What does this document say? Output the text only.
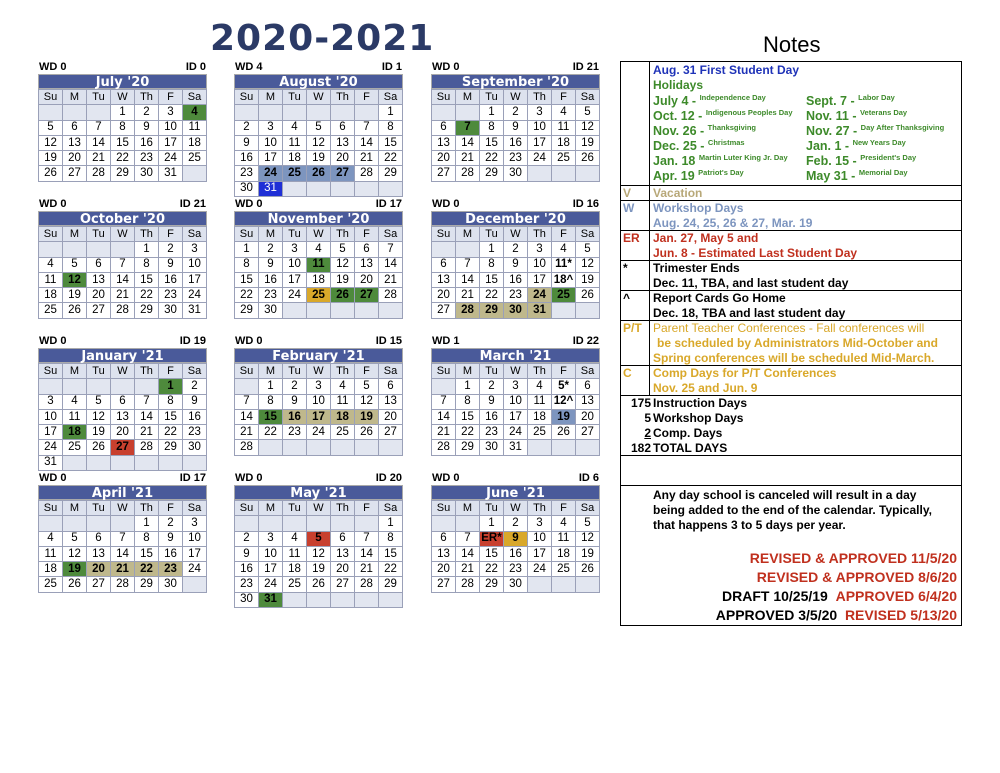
2020-2021	Notes
WD 0	ID 0
July '20
Su	M	Tu	W	Th	F	Sa
			1	2	3	4
5	6	7	8	9	10	11
12	13	14	15	16	17	18
19	20	21	22	23	24	25
26	27	28	29	30	31	
WD 4	ID 1
August '20
Su	M	Tu	W	Th	F	Sa
						1
2	3	4	5	6	7	8
9	10	11	12	13	14	15
16	17	18	19	20	21	22
23	24	25	26	27	28	29
30	31					
WD 0	ID 21
September '20
Su	M	Tu	W	Th	F	Sa
		1	2	3	4	5
6	7	8	9	10	11	12
13	14	15	16	17	18	19
20	21	22	23	24	25	26
27	28	29	30			
WD 0	ID 21
October '20
Su	M	Tu	W	Th	F	Sa
				1	2	3
4	5	6	7	8	9	10
11	12	13	14	15	16	17
18	19	20	21	22	23	24
25	26	27	28	29	30	31
WD 0	ID 17
November '20
Su	M	Tu	W	Th	F	Sa
1	2	3	4	5	6	7
8	9	10	11	12	13	14
15	16	17	18	19	20	21
22	23	24	25	26	27	28
29	30					
WD 0	ID 16
December '20
Su	M	Tu	W	Th	F	Sa
		1	2	3	4	5
6	7	8	9	10	11*	12
13	14	15	16	17	18^	19
20	21	22	23	24	25	26
27	28	29	30	31		
WD 0	ID 19
January '21
Su	M	Tu	W	Th	F	Sa
					1	2
3	4	5	6	7	8	9
10	11	12	13	14	15	16
17	18	19	20	21	22	23
24	25	26	27	28	29	30
31						
WD 0	ID 15
February '21
Su	M	Tu	W	Th	F	Sa
	1	2	3	4	5	6
7	8	9	10	11	12	13
14	15	16	17	18	19	20
21	22	23	24	25	26	27
28						
WD 1	ID 22
March '21
Su	M	Tu	W	Th	F	Sa
	1	2	3	4	5*	6
7	8	9	10	11	12^	13
14	15	16	17	18	19	20
21	22	23	24	25	26	27
28	29	30	31			
WD 0	ID 17
April '21
Su	M	Tu	W	Th	F	Sa
				1	2	3
4	5	6	7	8	9	10
11	12	13	14	15	16	17
18	19	20	21	22	23	24
25	26	27	28	29	30	
WD 0	ID 20
May '21
Su	M	Tu	W	Th	F	Sa
						1
2	3	4	5	6	7	8
9	10	11	12	13	14	15
16	17	18	19	20	21	22
23	24	25	26	27	28	29
30	31					
WD 0	ID 6
June '21
Su	M	Tu	W	Th	F	Sa
		1	2	3	4	5
6	7	ER*	9	10	11	12
13	14	15	16	17	18	19
20	21	22	23	24	25	26
27	28	29	30			
Aug. 31 First Student Day
Holidays
July 4 - $^{Independence Day}$	Sept. 7 - $^{Labor Day}$
Oct. 12 - $^{Indigenous Peoples Day}$ Nov. 11 - $^{Veterans Day}$
Nov. 26 - $^{Thanksgiving}$	Nov. 27 - $^{Day After Thanksgiving}$
Dec. 25 - $^{Christmas}$	Jan. 1 - $^{New Years Day}$
Jan. 18 $^{Martin Luter King Jr. Day}$ Feb. 15 - $^{President's Day}$
Apr. 19 $^{Patriot's Day}$	May 31 - $^{Memorial Day}$
V	Vacation
W	Workshop Days
Aug. 24, 25, 26 & 27, Mar. 19
ER	Jan. 27, May 5 and
Jun. 8 - Estimated Last Student Day
*	Trimester Ends
Dec. 11, TBA, and last student day
^	Report Cards Go Home
Dec. 18, TBA and last student day
P/T Parent Teacher Conferences - Fall conferences will
be scheduled by Administrators Mid-October and
Spring conferences will be scheduled Mid-March.
C	Comp Days for P/T Conferences
Nov. 25 and Jun. 9
175 Instruction Days
5 Workshop Days
2 Comp. Days
182 TOTAL DAYS
Any day school is canceled will result in a day
being added to the end of the calendar. Typically,
that happens 3 to 5 days per year.
REVISED & APPROVED 11/5/20
REVISED & APPROVED 8/6/20
DRAFT 10/25/19 APPROVED 6/4/20
APPROVED 3/5/20 REVISED 5/13/20
